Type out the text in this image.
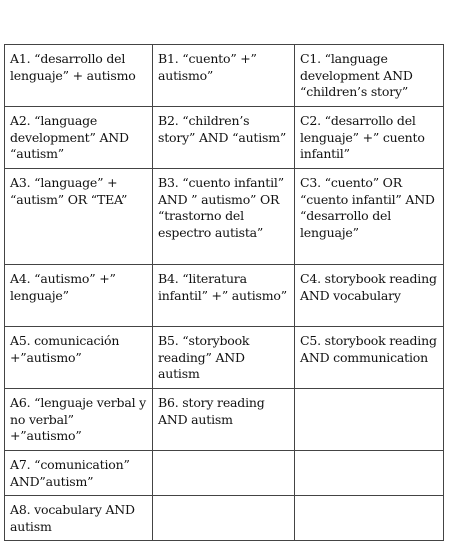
A1. “desarrollo del lenguaje” + autismo	B1. “cuento” +” autismo”	C1. “language development AND “children’s story”
A2. “language development” AND “autism”	B2. “children’s story” AND “autism”	C2. “desarrollo del lenguaje” +” cuento infantil”
A3. “language” + “autism” OR “TEA”	B3. “cuento infantil” AND ” autismo” OR “trastorno del espectro autista”	C3. “cuento” OR “cuento infantil” AND “desarrollo del lenguaje”
A4. “autismo” +” lenguaje”	B4. “literatura infantil” +” autismo”	C4. storybook reading AND vocabulary
A5. comunicación +”autismo”	B5. “storybook reading” AND autism	C5. storybook reading AND communication
A6. “lenguaje verbal y no verbal” +”autismo”	B6. story reading AND autism	
A7. “comunication” AND”autism”		
A8. vocabulary AND autism		
